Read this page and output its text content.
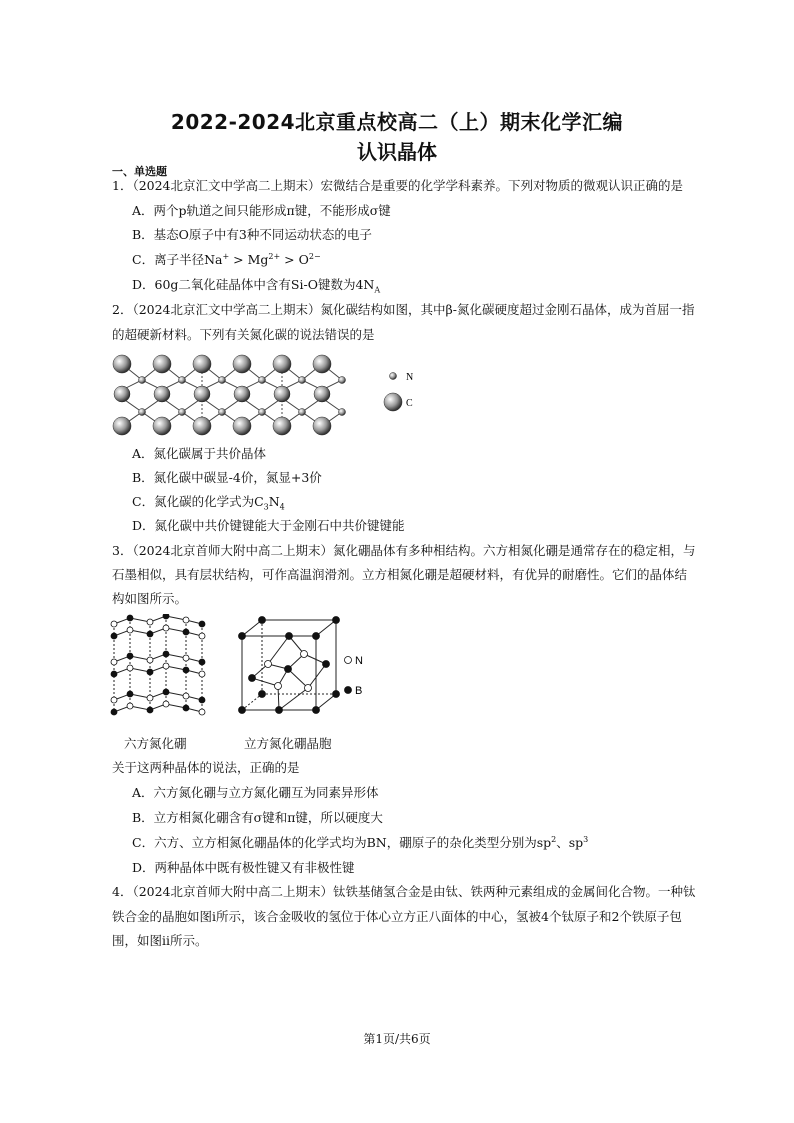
2022-2024北京重点校高二（上）期末化学汇编
认识晶体
一、单选题
1．（2024北京汇文中学高二上期末）宏微结合是重要的化学学科素养。下列对物质的微观认识正确的是
A．两个p轨道之间只能形成π键，不能形成σ键
B．基态O原子中有3种不同运动状态的电子
C．离子半径$Na^+ > Mg^{2+} > O^{2-}$
D．60g二氧化硅晶体中含有Si-O键数为$4N_A$
2．（2024北京汇文中学高二上期末）氮化碳结构如图，其中β-氮化碳硬度超过金刚石晶体，成为首屈一指
的超硬新材料。下列有关氮化碳的说法错误的是
N
C
A．氮化碳属于共价晶体
B．氮化碳中碳显-4价，氮显+3价
C．氮化碳的化学式为$C_3N_4$
D．氮化碳中共价键键能大于金刚石中共价键键能
3．（2024北京首师大附中高二上期末）氮化硼晶体有多种相结构。六方相氮化硼是通常存在的稳定相，与
石墨相似，具有层状结构，可作高温润滑剂。立方相氮化硼是超硬材料，有优异的耐磨性。它们的晶体结
构如图所示。
N
B
六方氮化硼	立方氮化硼晶胞
关于这两种晶体的说法，正确的是
A．六方氮化硼与立方氮化硼互为同素异形体
B．立方相氮化硼含有σ键和π键，所以硬度大
C．六方、立方相氮化硼晶体的化学式均为BN，硼原子的杂化类型分别为$sp^2$、$sp^3$
D．两种晶体中既有极性键又有非极性键
4．（2024北京首师大附中高二上期末）钛铁基储氢合金是由钛、铁两种元素组成的金属间化合物。一种钛
铁合金的晶胞如图i所示，该合金吸收的氢位于体心立方正八面体的中心，氢被4个钛原子和2个铁原子包
围，如图ii所示。
第1页/共6页
